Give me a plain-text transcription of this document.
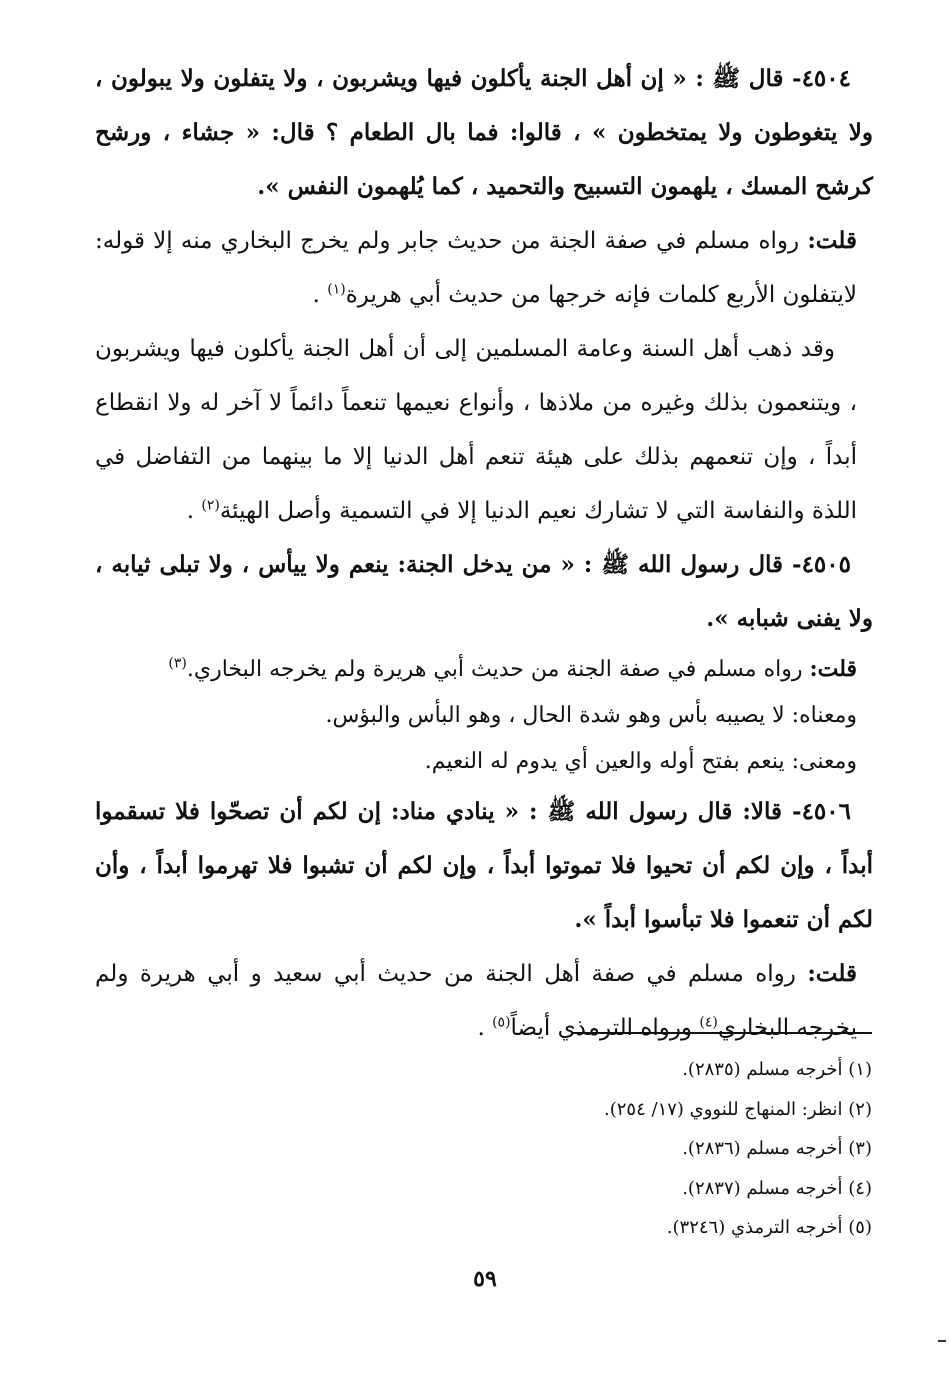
٤٥٠٤- قال ﷺ : « إن أهل الجنة يأكلون فيها ويشربون ، ولا يتفلون ولا يبولون ، ولا يتغوطون ولا يمتخطون » ، قالوا: فما بال الطعام ؟ قال: « جشاء ، ورشح كرشح المسك ، يلهمون التسبيح والتحميد ، كما يُلهمون النفس ».

قلت: رواه مسلم في صفة الجنة من حديث جابر ولم يخرج البخاري منه إلا قوله: لايتفلون الأربع كلمات فإنه خرجها من حديث أبي هريرة$^{(١)}$ .

وقد ذهب أهل السنة وعامة المسلمين إلى أن أهل الجنة يأكلون فيها ويشربون ، ويتنعمون بذلك وغيره من ملاذها ، وأنواع نعيمها تنعماً دائماً لا آخر له ولا انقطاع أبداً ، وإن تنعمهم بذلك على هيئة تنعم أهل الدنيا إلا ما بينهما من التفاضل في اللذة والنفاسة التي لا تشارك نعيم الدنيا إلا في التسمية وأصل الهيئة$^{(٢)}$ .

٤٥٠٥- قال رسول الله ﷺ : « من يدخل الجنة: ينعم ولا ييأس ، ولا تبلى ثيابه ، ولا يفنى شبابه ».

قلت: رواه مسلم في صفة الجنة من حديث أبي هريرة ولم يخرجه البخاري.$^{(٣)}$

ومعناه: لا يصيبه بأس وهو شدة الحال ، وهو البأس والبؤس.

ومعنى: ينعم بفتح أوله والعين أي يدوم له النعيم.

٤٥٠٦- قالا: قال رسول الله ﷺ : « ينادي مناد: إن لكم أن تصحّوا فلا تسقموا أبداً ، وإن لكم أن تحيوا فلا تموتوا أبداً ، وإن لكم أن تشبوا فلا تهرموا أبداً ، وأن لكم أن تنعموا فلا تبأسوا أبداً ».

قلت: رواه مسلم في صفة أهل الجنة من حديث أبي سعيد و أبي هريرة ولم يخرجه البخاري$^{(٤)}$ ورواه الترمذي أيضاً$^{(٥)}$ .

(١) أخرجه مسلم (٢٨٣٥).

(٢) انظر: المنهاج للنووي (١٧/ ٢٥٤).

(٣) أخرجه مسلم (٢٨٣٦).

(٤) أخرجه مسلم (٢٨٣٧).

(٥) أخرجه الترمذي (٣٢٤٦).

٥٩
